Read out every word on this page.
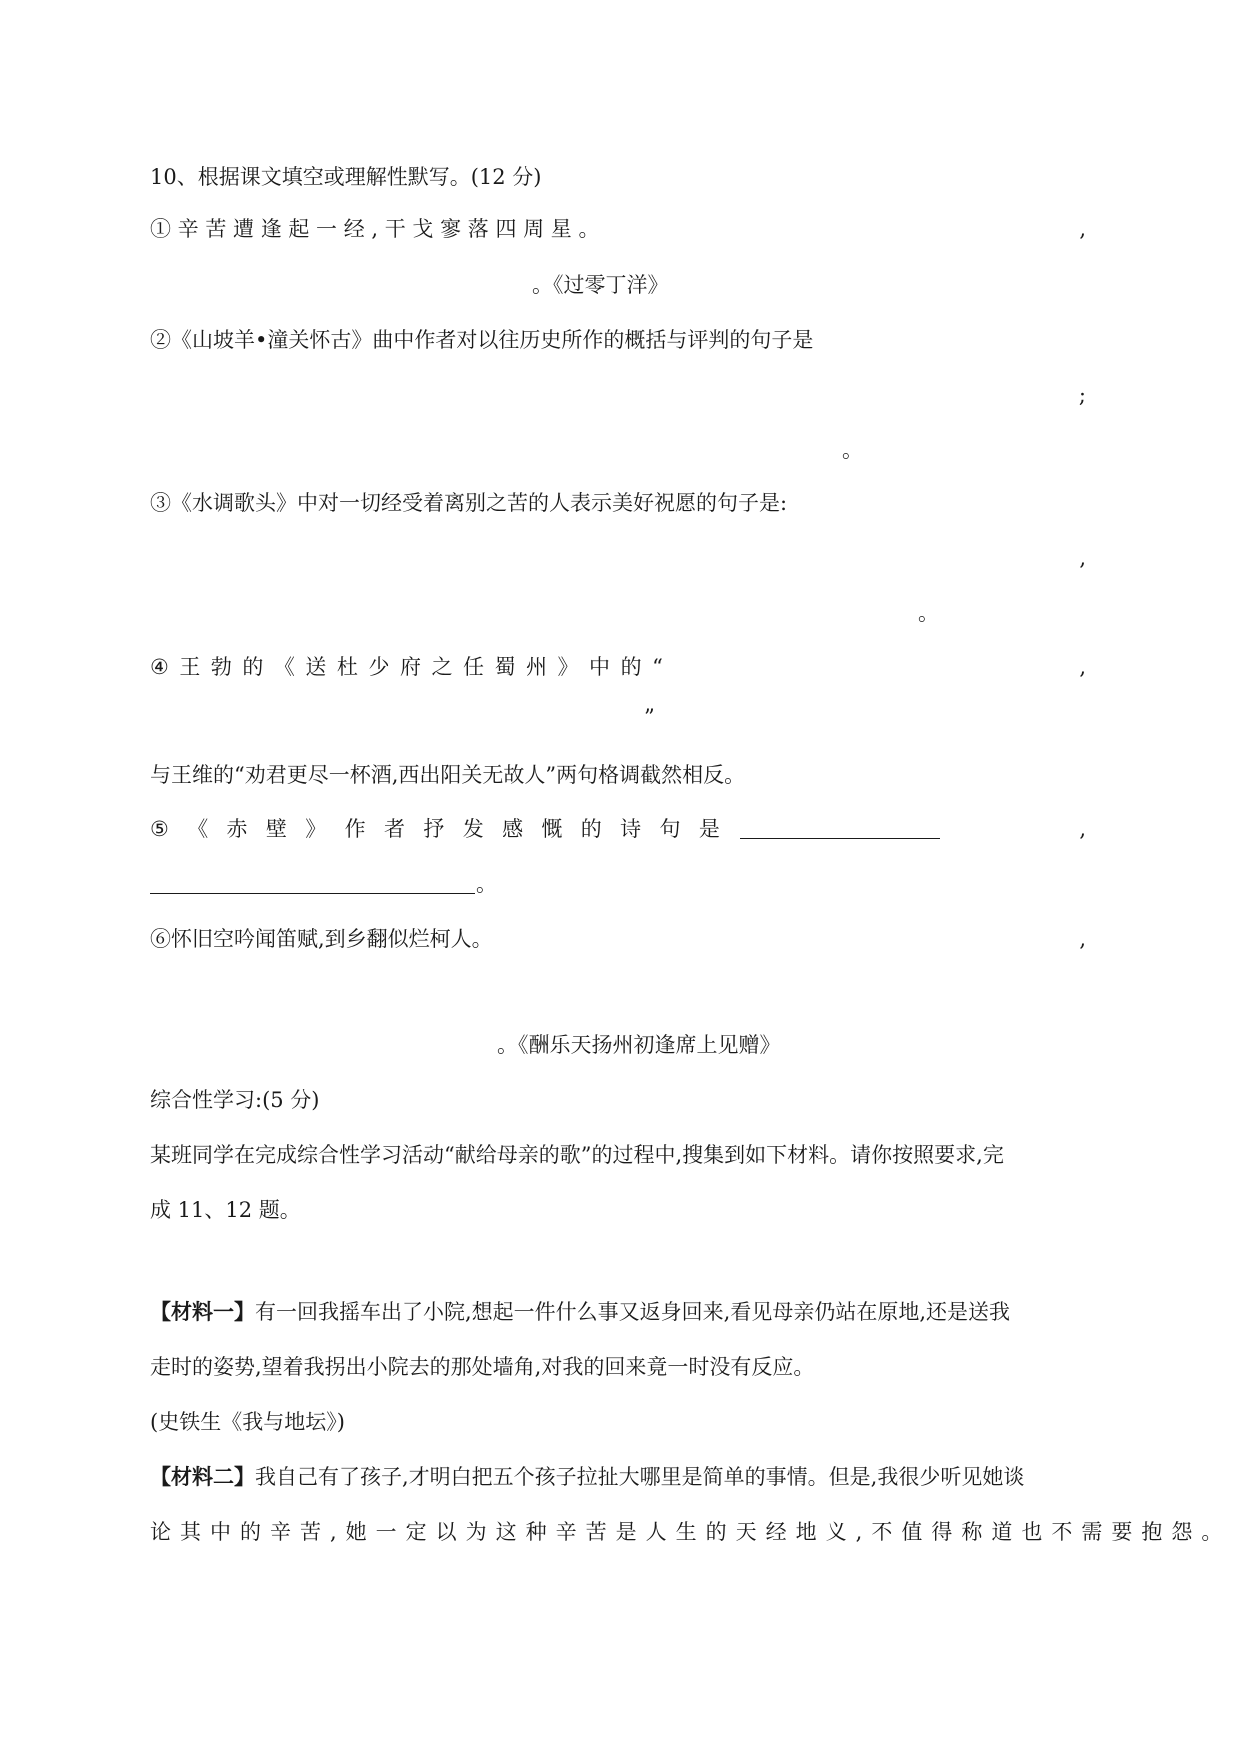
10、根据课文填空或理解性默写。(12 分)
① 辛 苦 遭 逢 起 一 经 , 干 戈 寥 落 四 周 星 。	,
。《过零丁洋》
②《山坡羊•潼关怀古》曲中作者对以往历史所作的概括与评判的句子是
;
。
③《水调歌头》中对一切经受着离别之苦的人表示美好祝愿的句子是:
,
。
④ 王 勃 的 《 送 杜 少 府 之 任 蜀 州 》 中 的 “	,
”
与王维的“劝君更尽一杯酒,西出阳关无故人”两句格调截然相反。
⑤ 《 赤 壁 》 作 者 抒 发 感 慨 的 诗 句 是	,
。
⑥怀旧空吟闻笛赋,到乡翻似烂柯人。	,
。《酬乐天扬州初逢席上见赠》
综合性学习:(5 分)
某班同学在完成综合性学习活动“献给母亲的歌”的过程中,搜集到如下材料。请你按照要求,完
成 11、12 题。
【材料一】有一回我摇车出了小院,想起一件什么事又返身回来,看见母亲仍站在原地,还是送我
走时的姿势,望着我拐出小院去的那处墙角,对我的回来竟一时没有反应。
(史铁生《我与地坛》)
【材料二】我自己有了孩子,才明白把五个孩子拉扯大哪里是简单的事情。但是,我很少听见她谈
论其中的辛苦,她一定以为这种辛苦是人生的天经地义,不值得称道也不需要抱怨。
